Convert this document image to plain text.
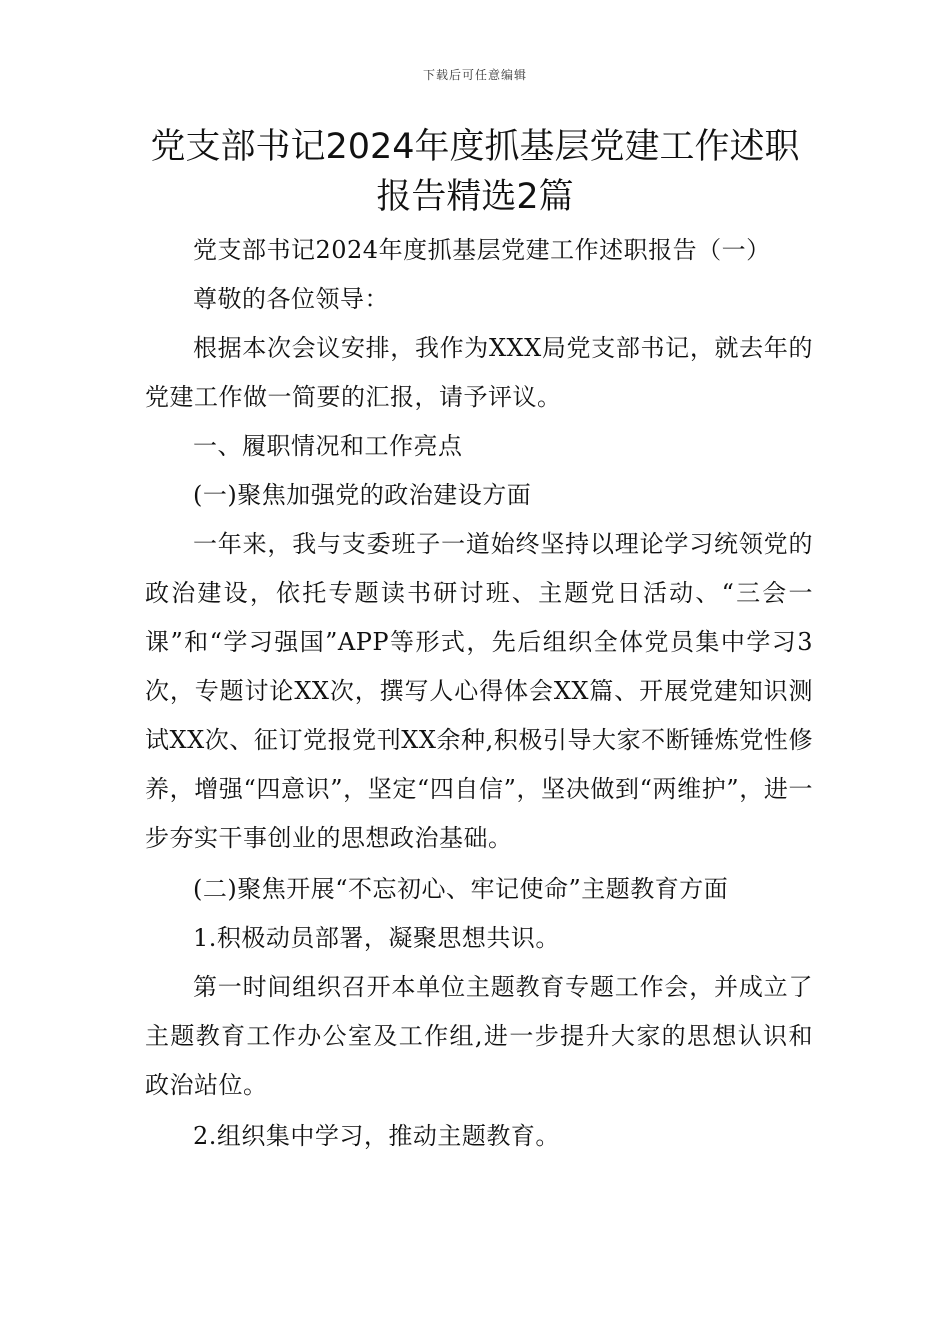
下载后可任意编辑
党支部书记2024年度抓基层党建工作述职
报告精选2篇

党支部书记2024年度抓基层党建工作述职报告（一）

尊敬的各位领导：

根据本次会议安排，我作为XXX局党支部书记，就去年的党建工作做一简要的汇报，请予评议。

一、履职情况和工作亮点

(一)聚焦加强党的政治建设方面

一年来，我与支委班子一道始终坚持以理论学习统领党的政治建设，依托专题读书研讨班、主题党日活动、“三会一课”和“学习强国”APP等形式，先后组织全体党员集中学习3次，专题讨论XX次，撰写人心得体会XX篇、开展党建知识测试XX次、征订党报党刊XX余种,积极引导大家不断锤炼党性修养，增强“四意识”，坚定“四自信”，坚决做到“两维护”，进一步夯实干事创业的思想政治基础。

(二)聚焦开展“不忘初心、牢记使命”主题教育方面

1.积极动员部署，凝聚思想共识。

第一时间组织召开本单位主题教育专题工作会，并成立了主题教育工作办公室及工作组,进一步提升大家的思想认识和政治站位。

2.组织集中学习，推动主题教育。
